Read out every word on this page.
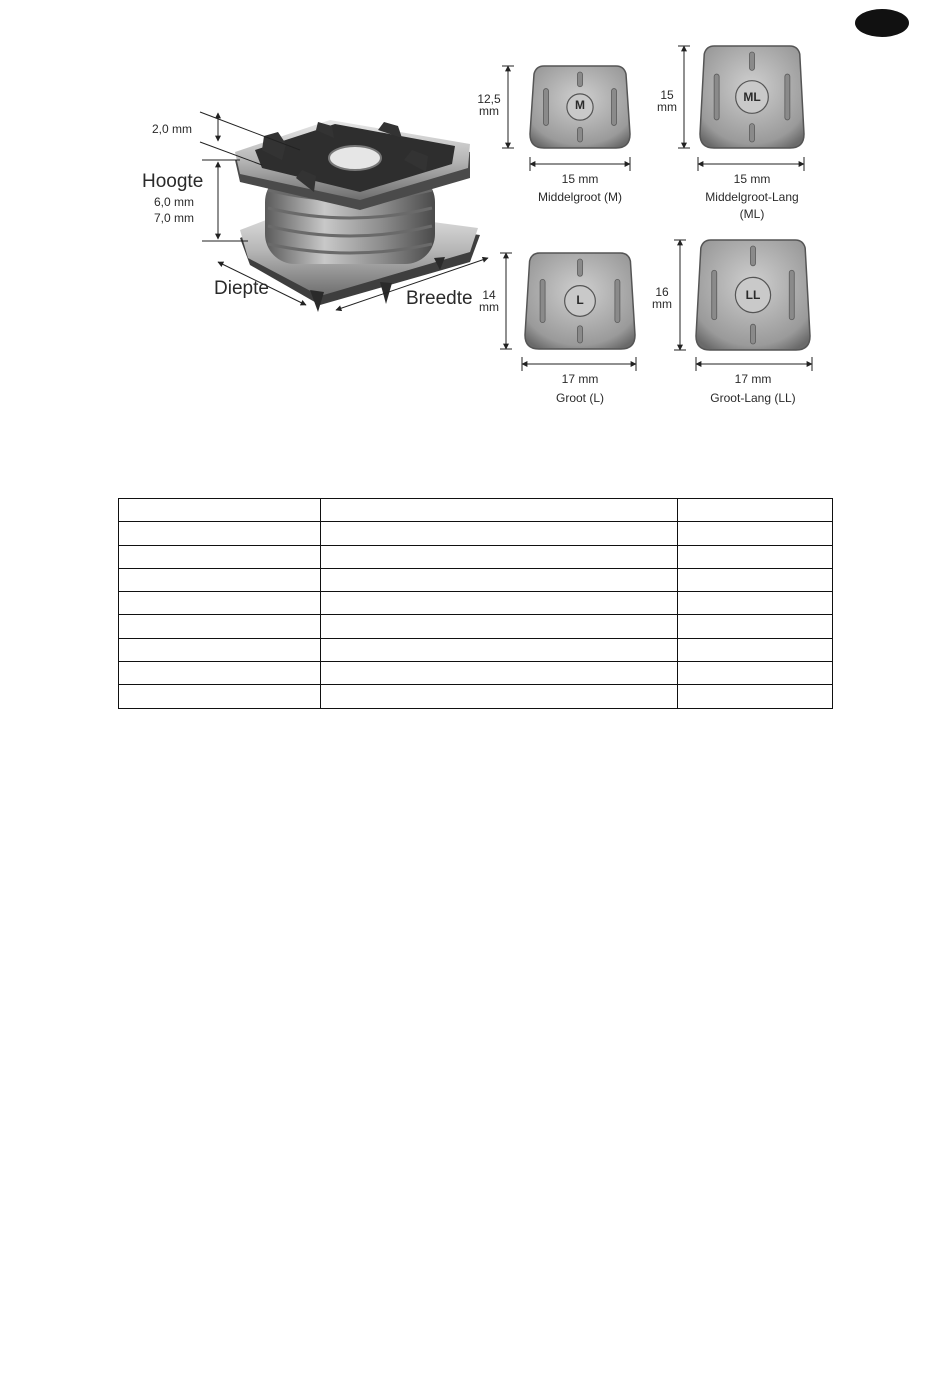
2,0 mm
Hoogte
6,0 mm
7,0 mm
Diepte	Breedte
12,5
mm
15 mm
Middelgroot (M)
M
15
mm
15 mm
Middelgroot-Lang
(ML)
ML
14
mm
17 mm
Groot (L)
L
16
mm
17 mm
Groot-Lang (LL)
LL
